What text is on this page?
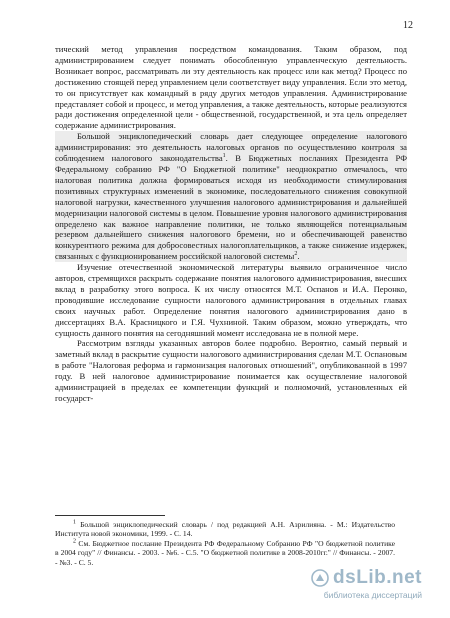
12

тический метод управления посредством командования. Таким образом, под администрированием следует понимать обособленную управленческую деятельность. Возникает вопрос, рассматривать ли эту деятельность как процесс или как метод? Процесс по достижению стоящей перед управлением цели соответствует виду управления. Если это метод, то он присутствует как командный в ряду других методов управления. Администрирование представляет собой и процесс, и метод управления, а также деятельность, которые реализуются ради достижения определенной цели - общественной, государственной, и эта цель определяет содержание администрирования.

Большой энциклопедический словарь дает следующее определение налогового администрирования: это деятельность налоговых органов по осуществлению контроля за соблюдением налогового законодательства$^1$. В Бюджетных посланиях Президента РФ Федеральному собранию РФ "О Бюджетной политике" неоднократно отмечалось, что налоговая политика должна формироваться исходя из необходимости стимулирования позитивных структурных изменений в экономике, последовательного снижения совокупной налоговой нагрузки, качественного улучшения налогового администрирования и дальнейшей модернизации налоговой системы в целом. Повышение уровня налогового администрирования определено как важное направление политики, не только являющейся потенциальным резервом дальнейшего снижения налогового бремени, но и обеспечивающей равенство конкурентного режима для добросовестных налогоплательщиков, а также снижение издержек, связанных с функционированием российской налоговой системы$^2$.

Изучение отечественной экономической литературы выявило ограниченное число авторов, стремящихся раскрыть содержание понятия налогового администрирования, внесших вклад в разработку этого вопроса. К их числу относятся М.Т. Оспанов и И.А. Перонко, проводившие исследование сущности налогового администрирования в отдельных главах своих научных работ. Определение понятия налогового администрирования дано в диссертациях В.А. Красницкого и Г.Я. Чухниной. Таким образом, можно утверждать, что сущность данного понятия на сегодняшний момент исследована не в полной мере.

Рассмотрим взгляды указанных авторов более подробно. Вероятно, самый первый и заметный вклад в раскрытие сущности налогового администрирования сделан М.Т. Оспановым в работе "Налоговая реформа и гармонизация налоговых отношений", опубликованной в 1997 году. В ней налоговое администрирование понимается как осуществление налоговой администрацией в пределах ее компетенции функций и полномочий, установленных ей государст-

$^1$ Большой энциклопедический словарь / под редакцией А.Н. Азрилияна. - М.: Издательство Института новой экономики, 1999. - С. 14.

$^2$ См. Бюджетное послание Президента РФ Федеральному Собранию РФ "О бюджетной политике в 2004 году" // Финансы. - 2003. - №6. - С.5. "О бюджетной политике в 2008-2010гг." // Финансы. - 2007. - №3. - С. 5.

dsLib.net
библиотека диссертаций
